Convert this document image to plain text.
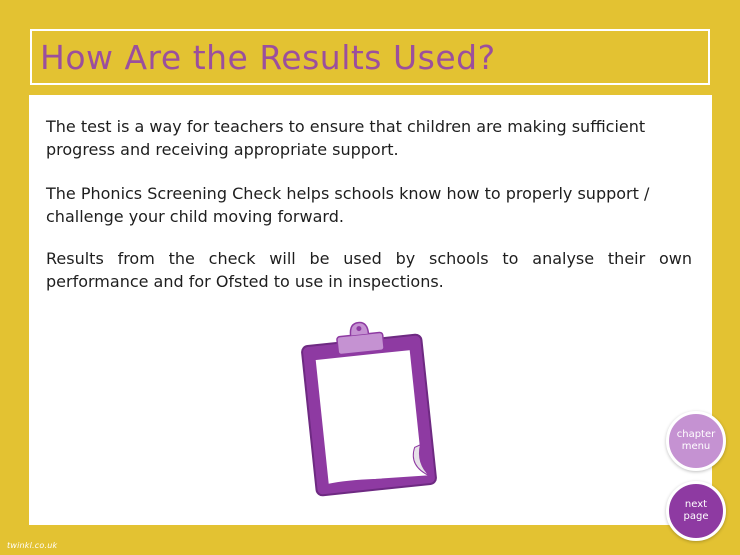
How Are the Results Used?

The test is a way for teachers to ensure that children are making sufficient progress and receiving appropriate support.

The Phonics Screening Check helps schools know how to properly support / challenge your child moving forward.

Results from the check will be used by schools to analyse their own performance and for Ofsted to use in inspections.

chapter menu
next page
twinkl.co.uk
